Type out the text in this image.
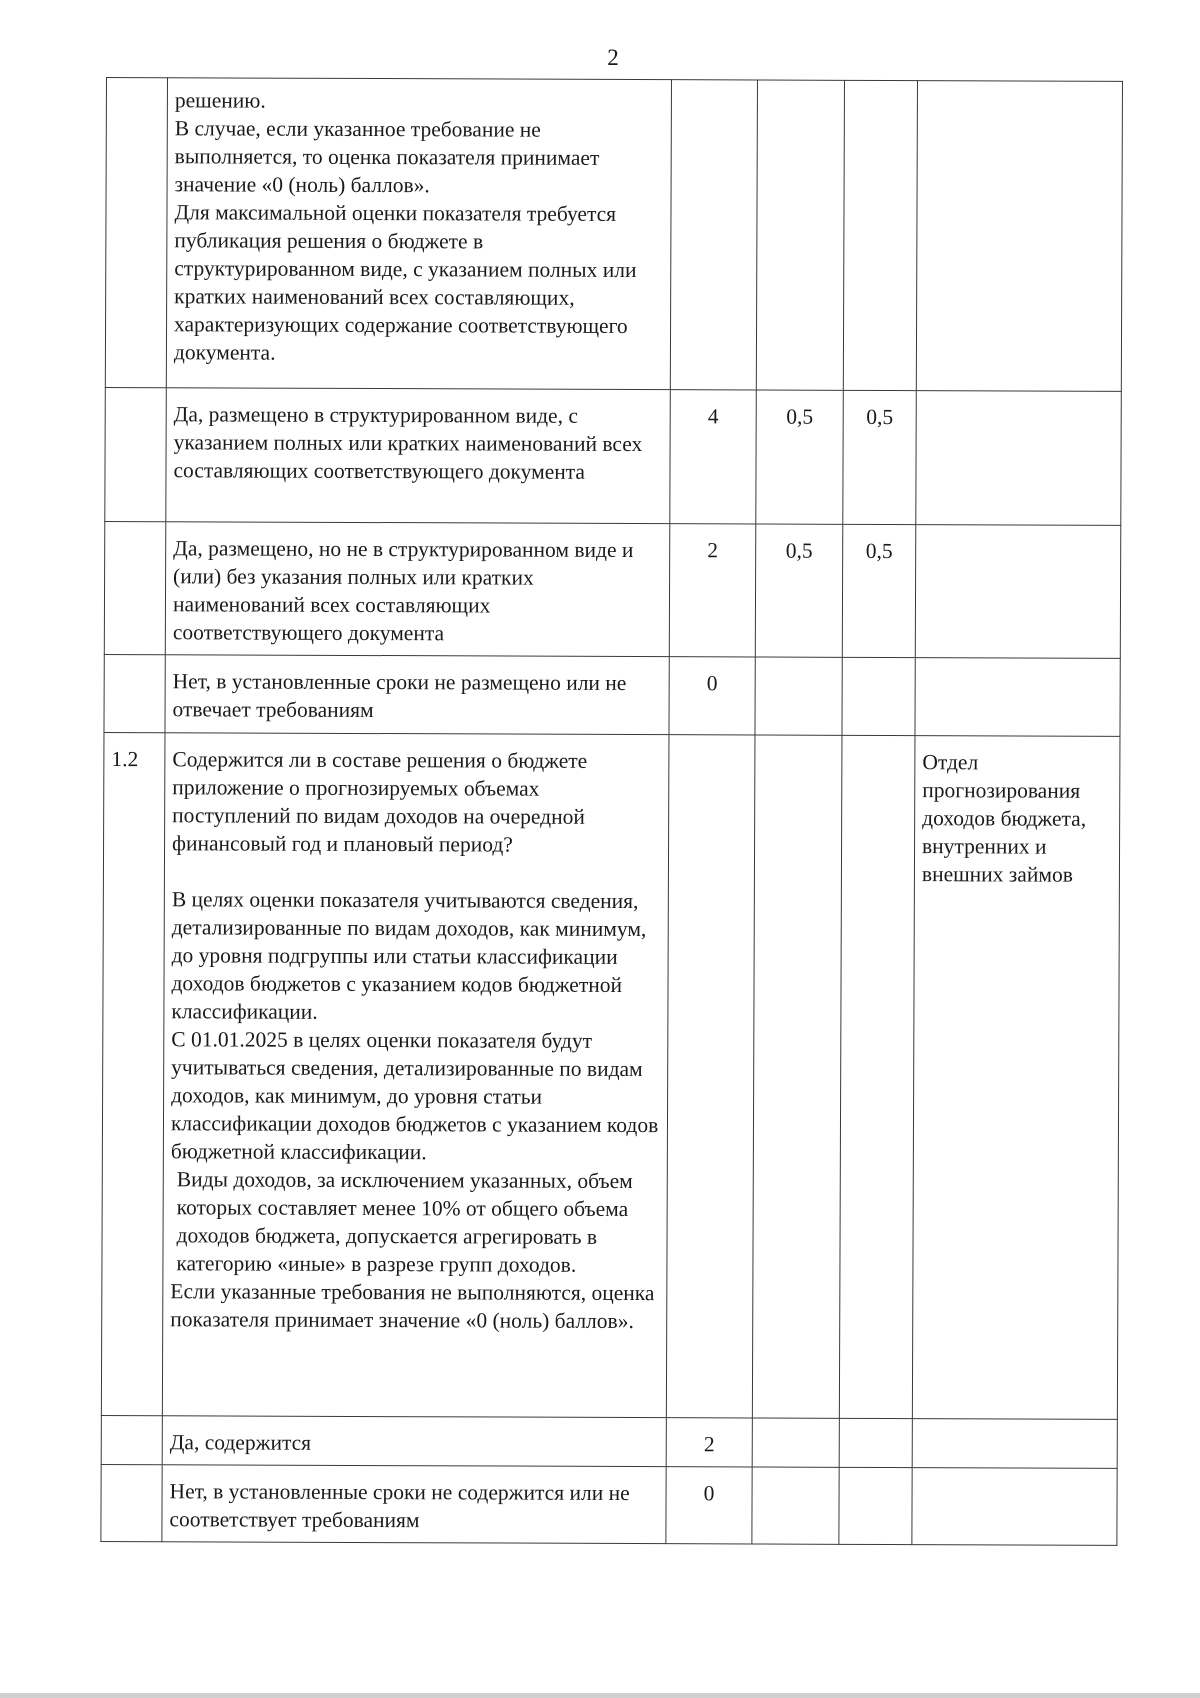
2

	решению.
В случае, если указанное требование не выполняется, то оценка показателя принимает значение «0 (ноль) баллов».
Для максимальной оценки показателя требуется публикация решения о бюджете в структурированном виде, с указанием полных или кратких наименований всех составляющих, характеризующих содержание соответствующего документа.				

	Да, размещено в структурированном виде, с указанием полных или кратких наименований всех составляющих соответствующего документа	4	0,5	0,5	

	Да, размещено, но не в структурированном виде и (или) без указания полных или кратких наименований всех составляющих соответствующего документа	2	0,5	0,5	

	Нет, в установленные сроки не размещено или не отвечает требованиям	0			
1.2	Содержится ли в составе решения о бюджете приложение о прогнозируемых объемах поступлений по видам доходов на очередной финансовый год и плановый период?
В целях оценки показателя учитываются сведения, детализированные по видам доходов, как минимум, до уровня подгруппы или статьи классификации доходов бюджетов с указанием кодов бюджетной классификации.
С 01.01.2025 в целях оценки показателя будут учитываться сведения, детализированные по видам доходов, как минимум, до уровня статьи классификации доходов бюджетов с указанием кодов бюджетной классификации.
Виды доходов, за исключением указанных, объем которых составляет менее 10% от общего объема доходов бюджета, допускается агрегировать в категорию «иные» в разрезе групп доходов.
Если указанные требования не выполняются, оценка показателя принимает значение «0 (ноль) баллов».				Отдел прогнозирования доходов бюджета, внутренних и внешних займов

	Да, содержится	2			

	Нет, в установленные сроки не содержится или не соответствует требованиям	0			
